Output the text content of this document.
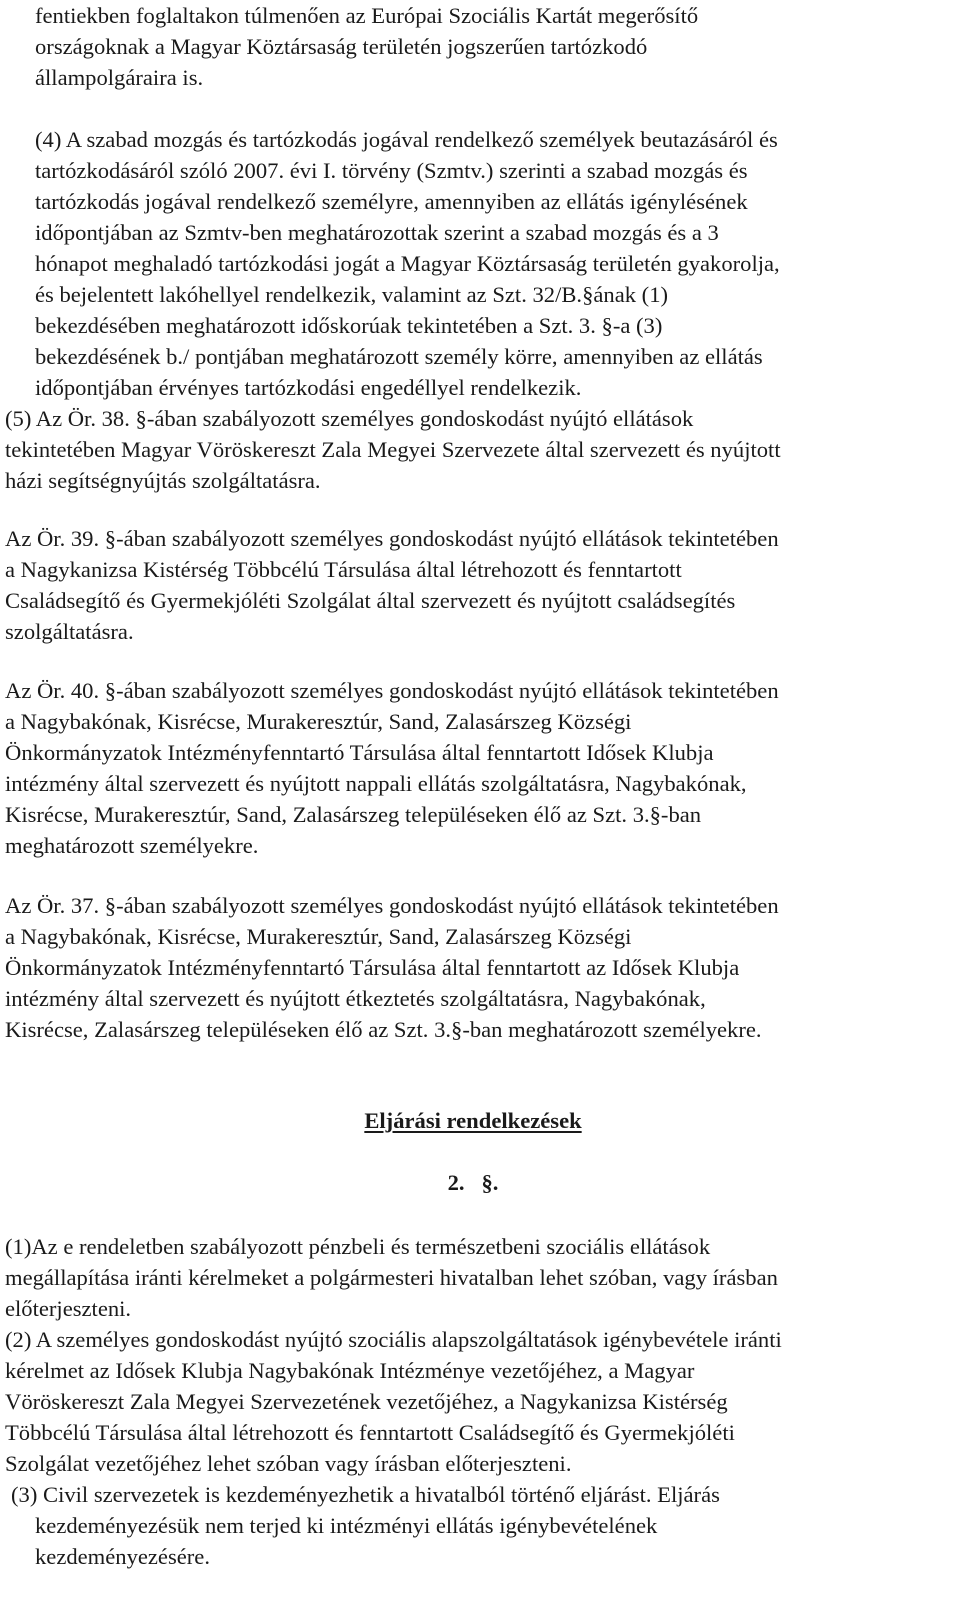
fentiekben foglaltakon túlmenően az Európai Szociális Kartát megerősítő
országoknak a Magyar Köztársaság területén jogszerűen tartózkodó
állampolgáraira is.
(4) A szabad mozgás és tartózkodás jogával rendelkező személyek beutazásáról és
tartózkodásáról szóló 2007. évi I. törvény (Szmtv.) szerinti a szabad mozgás és
tartózkodás jogával rendelkező személyre, amennyiben az ellátás igénylésének
időpontjában az Szmtv-ben meghatározottak szerint a szabad mozgás és a 3
hónapot meghaladó tartózkodási jogát a Magyar Köztársaság területén gyakorolja,
és bejelentett lakóhellyel rendelkezik, valamint az Szt. 32/B.§ának (1)
bekezdésében meghatározott időskorúak tekintetében a Szt. 3. §-a (3)
bekezdésének b./ pontjában meghatározott személy körre, amennyiben az ellátás
időpontjában érvényes tartózkodási engedéllyel rendelkezik.
(5) Az Ör. 38. §-ában szabályozott személyes gondoskodást nyújtó ellátások
tekintetében Magyar Vöröskereszt Zala Megyei Szervezete által szervezett és nyújtott
házi segítségnyújtás szolgáltatásra.
Az Ör. 39. §-ában szabályozott személyes gondoskodást nyújtó ellátások tekintetében
a Nagykanizsa Kistérség Többcélú Társulása által létrehozott és fenntartott
Családsegítő és Gyermekjóléti Szolgálat által szervezett és nyújtott családsegítés
szolgáltatásra.
Az Ör. 40. §-ában szabályozott személyes gondoskodást nyújtó ellátások tekintetében
a Nagybakónak, Kisrécse, Murakeresztúr, Sand, Zalasárszeg Községi
Önkormányzatok Intézményfenntartó Társulása által fenntartott Idősek Klubja
intézmény által szervezett és nyújtott nappali ellátás szolgáltatásra, Nagybakónak,
Kisrécse, Murakeresztúr, Sand, Zalasárszeg településeken élő az Szt. 3.§-ban
meghatározott személyekre.
Az Ör. 37. §-ában szabályozott személyes gondoskodást nyújtó ellátások tekintetében
a Nagybakónak, Kisrécse, Murakeresztúr, Sand, Zalasárszeg Községi
Önkormányzatok Intézményfenntartó Társulása által fenntartott az Idősek Klubja
intézmény által szervezett és nyújtott étkeztetés szolgáltatásra, Nagybakónak,
Kisrécse, Zalasárszeg településeken élő az Szt. 3.§-ban meghatározott személyekre.
Eljárási rendelkezések
2.   §.
(1)Az e rendeletben szabályozott pénzbeli és természetbeni szociális ellátások
megállapítása iránti kérelmeket a polgármesteri hivatalban lehet szóban, vagy írásban
előterjeszteni.
(2) A személyes gondoskodást nyújtó szociális alapszolgáltatások igénybevétele iránti
kérelmet az Idősek Klubja Nagybakónak Intézménye vezetőjéhez, a Magyar
Vöröskereszt Zala Megyei Szervezetének vezetőjéhez, a Nagykanizsa Kistérség
Többcélú Társulása által létrehozott és fenntartott Családsegítő és Gyermekjóléti
Szolgálat vezetőjéhez lehet szóban vagy írásban előterjeszteni.
(3) Civil szervezetek is kezdeményezhetik a hivatalból történő eljárást. Eljárás
kezdeményezésük nem terjed ki intézményi ellátás igénybevételének
kezdeményezésére.
